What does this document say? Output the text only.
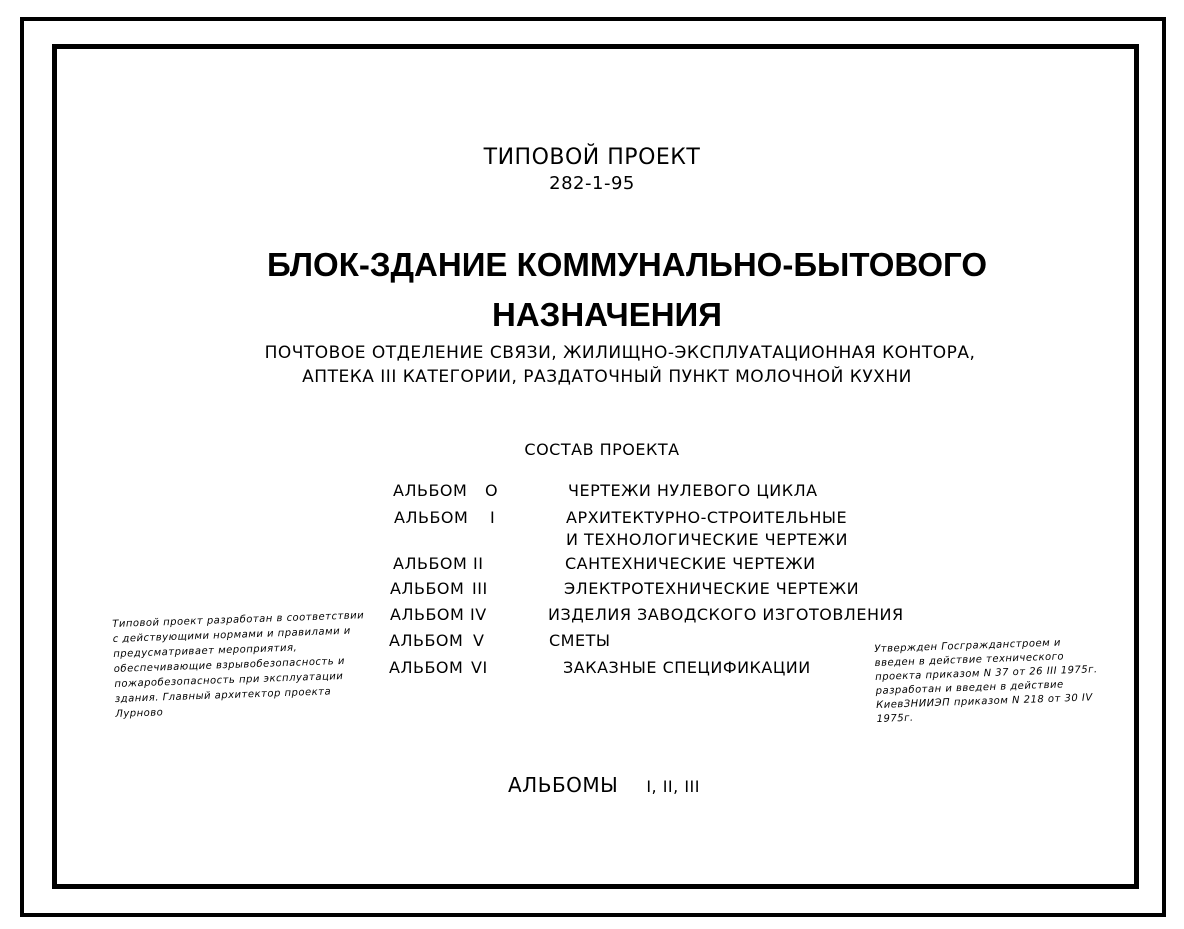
ТИПОВОЙ ПРОЕКТ
282-1-95
БЛОК-ЗДАНИЕ КОММУНАЛЬНО-БЫТОВОГО
НАЗНАЧЕНИЯ
ПОЧТОВОЕ ОТДЕЛЕНИЕ СВЯЗИ, ЖИЛИЩНО-ЭКСПЛУАТАЦИОННАЯ КОНТОРА,
АПТЕКА III КАТЕГОРИИ, РАЗДАТОЧНЫЙ ПУНКТ МОЛОЧНОЙ КУХНИ
СОСТАВ ПРОЕКТА
АЛЬБОМ О	ЧЕРТЕЖИ НУЛЕВОГО ЦИКЛА
АЛЬБОМ I	АРХИТЕКТУРНО-СТРОИТЕЛЬНЫЕ
И ТЕХНОЛОГИЧЕСКИЕ ЧЕРТЕЖИ
АЛЬБОМ II	САНТЕХНИЧЕСКИЕ ЧЕРТЕЖИ
АЛЬБОМ III	ЭЛЕКТРОТЕХНИЧЕСКИЕ ЧЕРТЕЖИ
АЛЬБОМ IV	ИЗДЕЛИЯ ЗАВОДСКОГО ИЗГОТОВЛЕНИЯ
АЛЬБОМ V	СМЕТЫ
АЛЬБОМ VI	ЗАКАЗНЫЕ СПЕЦИФИКАЦИИ
Типовой проект разработан в соответствии с действующими нормами и правилами и предусматривает мероприятия, обеспечивающие взрывобезопасность и пожаробезопасность при эксплуатации здания. Главный архитектор проекта Лурново
Утвержден Госгражданстроем и введен в действие технического проекта приказом N 37 от 26 III 1975г. разработан и введен в действие КиевЗНИИЭП приказом N 218 от 30 IV 1975г.
АЛЬБОМЫ I, II, III
